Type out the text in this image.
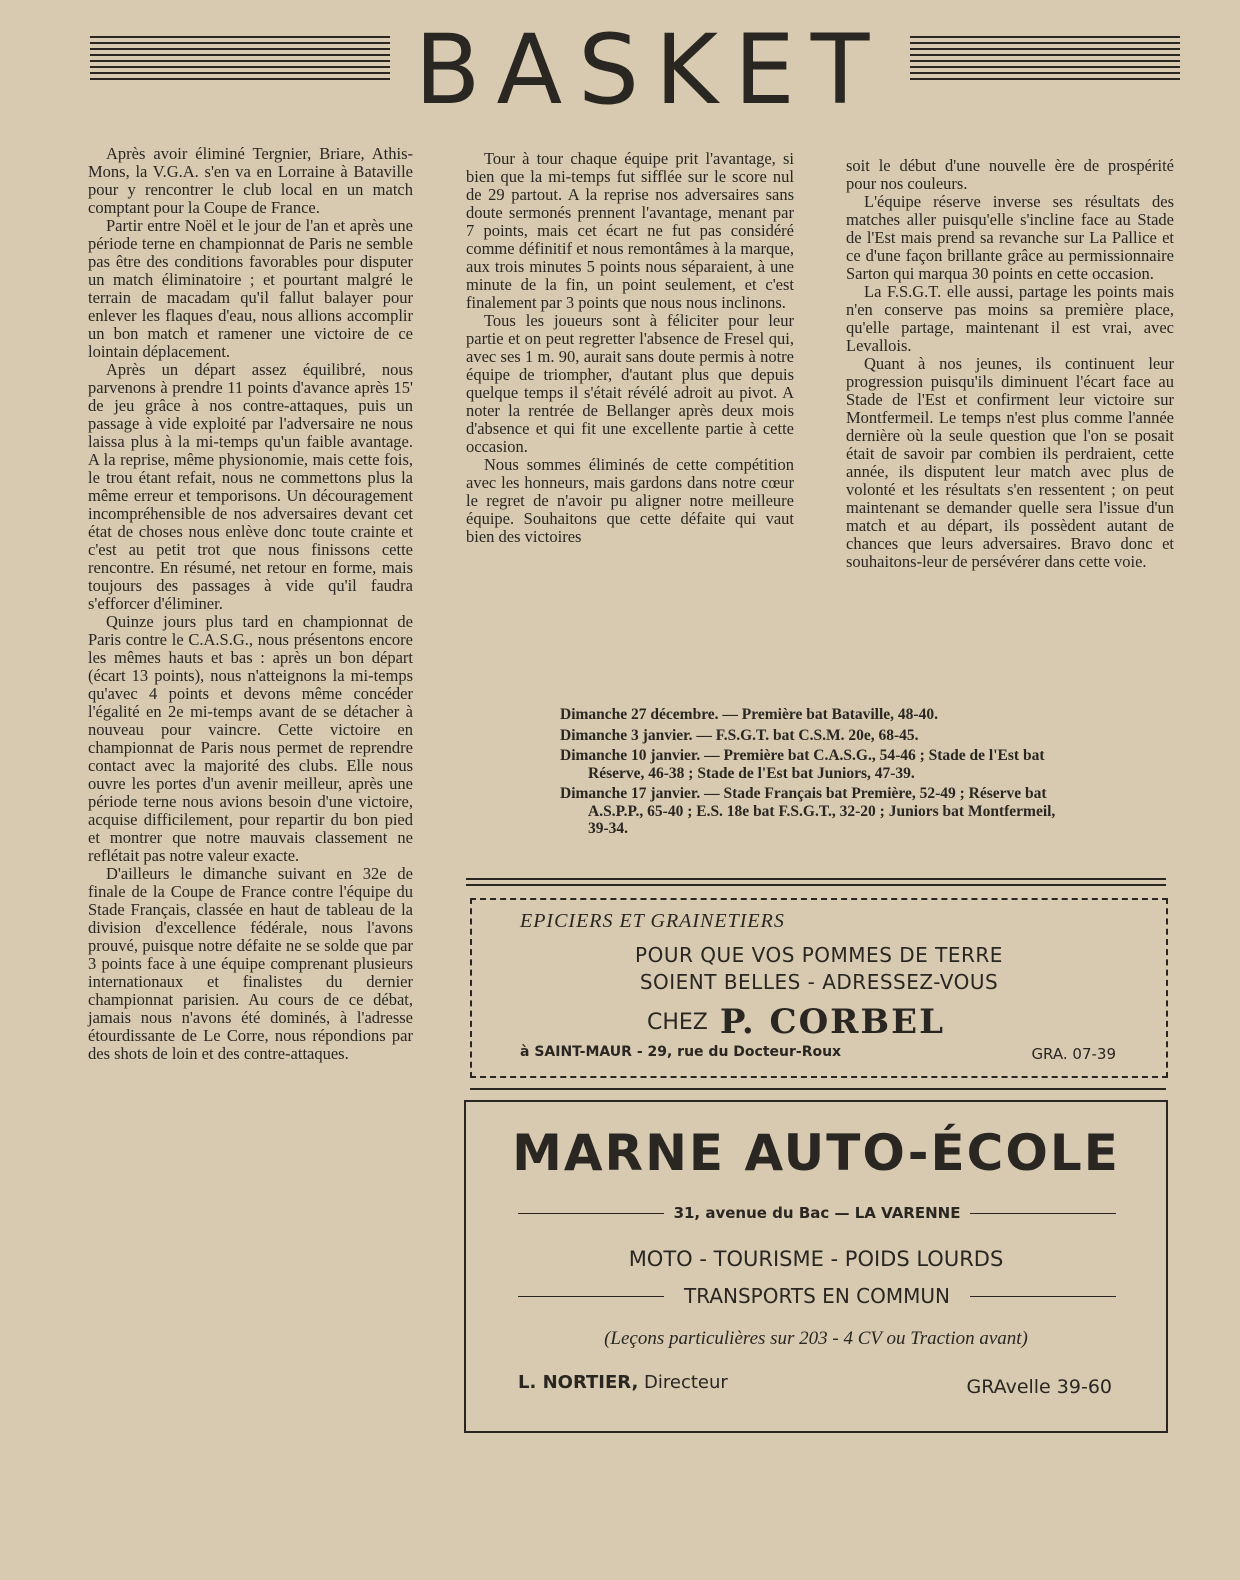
BASKET

Après avoir éliminé Tergnier, Briare, Athis-Mons, la V.G.A. s'en va en Lorraine à Bataville pour y rencontrer le club local en un match comptant pour la Coupe de France.

Partir entre Noël et le jour de l'an et après une période terne en championnat de Paris ne semble pas être des conditions favorables pour disputer un match éliminatoire ; et pourtant malgré le terrain de macadam qu'il fallut balayer pour enlever les flaques d'eau, nous allions accomplir un bon match et ramener une victoire de ce lointain déplacement.

Après un départ assez équilibré, nous parvenons à prendre 11 points d'avance après 15' de jeu grâce à nos contre-attaques, puis un passage à vide exploité par l'adversaire ne nous laissa plus à la mi-temps qu'un faible avantage. A la reprise, même physionomie, mais cette fois, le trou étant refait, nous ne commettons plus la même erreur et temporisons. Un découragement incompréhensible de nos adversaires devant cet état de choses nous enlève donc toute crainte et c'est au petit trot que nous finissons cette rencontre. En résumé, net retour en forme, mais toujours des passages à vide qu'il faudra s'efforcer d'éliminer.

Quinze jours plus tard en championnat de Paris contre le C.A.S.G., nous présentons encore les mêmes hauts et bas : après un bon départ (écart 13 points), nous n'atteignons la mi-temps qu'avec 4 points et devons même concéder l'égalité en 2e mi-temps avant de se détacher à nouveau pour vaincre. Cette victoire en championnat de Paris nous permet de reprendre contact avec la majorité des clubs. Elle nous ouvre les portes d'un avenir meilleur, après une période terne nous avions besoin d'une victoire, acquise difficilement, pour repartir du bon pied et montrer que notre mauvais classement ne reflétait pas notre valeur exacte.

D'ailleurs le dimanche suivant en 32e de finale de la Coupe de France contre l'équipe du Stade Français, classée en haut de tableau de la division d'excellence fédérale, nous l'avons prouvé, puisque notre défaite ne se solde que par 3 points face à une équipe comprenant plusieurs internationaux et finalistes du dernier championnat parisien. Au cours de ce débat, jamais nous n'avons été dominés, à l'adresse étourdissante de Le Corre, nous répondions par des shots de loin et des contre-attaques.

Tour à tour chaque équipe prit l'avantage, si bien que la mi-temps fut sifflée sur le score nul de 29 partout. A la reprise nos adversaires sans doute sermonés prennent l'avantage, menant par 7 points, mais cet écart ne fut pas considéré comme définitif et nous remontâmes à la marque, aux trois minutes 5 points nous séparaient, à une minute de la fin, un point seulement, et c'est finalement par 3 points que nous nous inclinons.

Tous les joueurs sont à féliciter pour leur partie et on peut regretter l'absence de Fresel qui, avec ses 1 m. 90, aurait sans doute permis à notre équipe de triompher, d'autant plus que depuis quelque temps il s'était révélé adroit au pivot. A noter la rentrée de Bellanger après deux mois d'absence et qui fit une excellente partie à cette occasion.

Nous sommes éliminés de cette compétition avec les honneurs, mais gardons dans notre cœur le regret de n'avoir pu aligner notre meilleure équipe. Souhaitons que cette défaite qui vaut bien des victoires

soit le début d'une nouvelle ère de prospérité pour nos couleurs.

L'équipe réserve inverse ses résultats des matches aller puisqu'elle s'incline face au Stade de l'Est mais prend sa revanche sur La Pallice et ce d'une façon brillante grâce au permissionnaire Sarton qui marqua 30 points en cette occasion.

La F.S.G.T. elle aussi, partage les points mais n'en conserve pas moins sa première place, qu'elle partage, maintenant il est vrai, avec Levallois.

Quant à nos jeunes, ils continuent leur progression puisqu'ils diminuent l'écart face au Stade de l'Est et confirment leur victoire sur Montfermeil. Le temps n'est plus comme l'année dernière où la seule question que l'on se posait était de savoir par combien ils perdraient, cette année, ils disputent leur match avec plus de volonté et les résultats s'en ressentent ; on peut maintenant se demander quelle sera l'issue d'un match et au départ, ils possèdent autant de chances que leurs adversaires. Bravo donc et souhaitons-leur de persévérer dans cette voie.

Dimanche 27 décembre. — Première bat Bataville, 48-40.
Dimanche 3 janvier. — F.S.G.T. bat C.S.M. 20e, 68-45.
Dimanche 10 janvier. — Première bat C.A.S.G., 54-46 ; Stade de l'Est bat Réserve, 46-38 ; Stade de l'Est bat Juniors, 47-39.
Dimanche 17 janvier. — Stade Français bat Première, 52-49 ; Réserve bat A.S.P.P., 65-40 ; E.S. 18e bat F.S.G.T., 32-20 ; Juniors bat Montfermeil, 39-34.
EPICIERS ET GRAINETIERS
POUR QUE VOS POMMES DE TERRE
SOIENT BELLES - ADRESSEZ-VOUS
CHEZ P. CORBEL
à SAINT-MAUR - 29, rue du Docteur-Roux	GRA. 07-39
MARNE AUTO-ÉCOLE
31, avenue du Bac — LA VARENNE
MOTO - TOURISME - POIDS LOURDS
TRANSPORTS EN COMMUN
(Leçons particulières sur 203 - 4 CV ou Traction avant)
L. NORTIER, Directeur	GRAvelle 39-60
